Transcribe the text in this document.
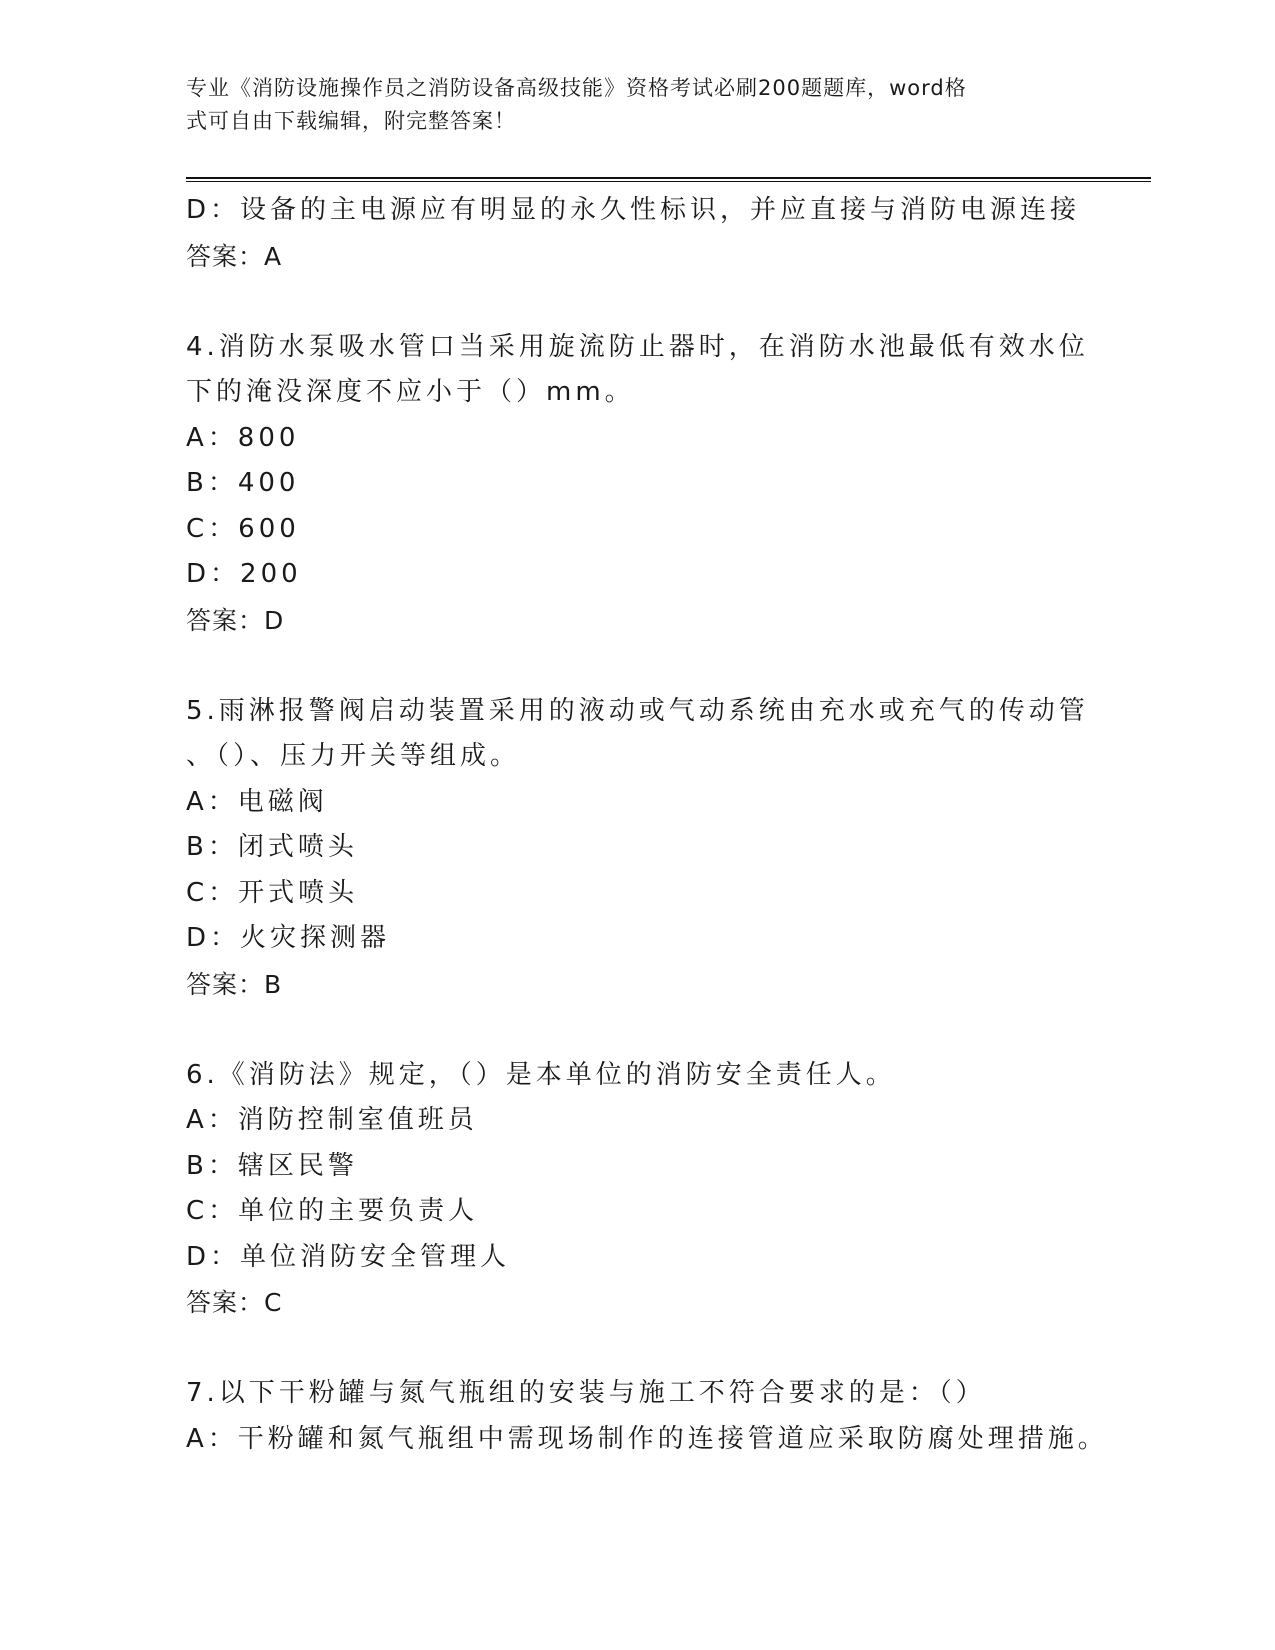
专业《消防设施操作员之消防设备高级技能》资格考试必刷200题题库，word格
式可自由下载编辑，附完整答案！
D：设备的主电源应有明显的永久性标识，并应直接与消防电源连接
答案：A
4.消防水泵吸水管口当采用旋流防止器时，在消防水池最低有效水位
下的淹没深度不应小于（）mm。
A：800
B：400
C：600
D：200
答案：D
5.雨淋报警阀启动装置采用的液动或气动系统由充水或充气的传动管
、（）、压力开关等组成。
A：电磁阀
B：闭式喷头
C：开式喷头
D：火灾探测器
答案：B
6.《消防法》规定，（）是本单位的消防安全责任人。
A：消防控制室值班员
B：辖区民警
C：单位的主要负责人
D：单位消防安全管理人
答案：C
7.以下干粉罐与氮气瓶组的安装与施工不符合要求的是：（）
A：干粉罐和氮气瓶组中需现场制作的连接管道应采取防腐处理措施。
